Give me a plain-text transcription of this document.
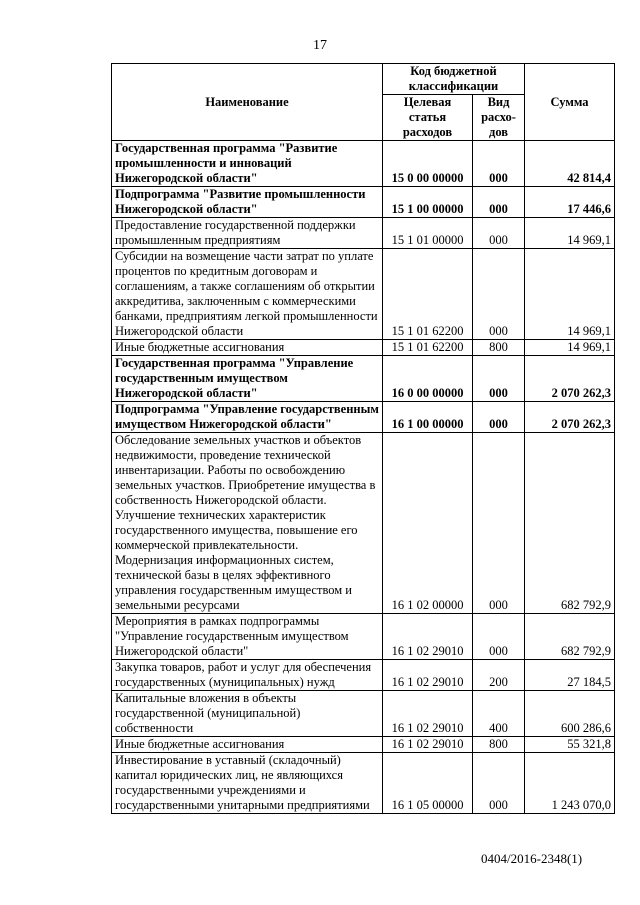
17
Наименование	Код бюджетной классификации		Сумма
	Целевая статья расходов	Вид расхо-дов	
Государственная программа "Развитие промышленности и инноваций Нижегородской области"	15 0 00 00000	000	42 814,4
Подпрограмма "Развитие промышленности Нижегородской области"	15 1 00 00000	000	17 446,6
Предоставление государственной поддержки промышленным предприятиям	15 1 01 00000	000	14 969,1
Субсидии на возмещение части затрат по уплате процентов по кредитным договорам и соглашениям, а также соглашениям об открытии аккредитива, заключенным с коммерческими банками, предприятиям легкой промышленности Нижегородской области	15 1 01 62200	000	14 969,1
Иные бюджетные ассигнования	15 1 01 62200	800	14 969,1
Государственная программа "Управление государственным имуществом Нижегородской области"	16 0 00 00000	000	2 070 262,3
Подпрограмма "Управление государственным имуществом Нижегородской области"	16 1 00 00000	000	2 070 262,3
Обследование земельных участков и объектов недвижимости, проведение технической инвентаризации. Работы по освобождению земельных участков. Приобретение имущества в собственность Нижегородской области. Улучшение технических характеристик государственного имущества, повышение его коммерческой привлекательности. Модернизация информационных систем, технической базы в целях эффективного управления государственным имуществом и земельными ресурсами	16 1 02 00000	000	682 792,9
Мероприятия в рамках подпрограммы "Управление государственным имуществом Нижегородской области"	16 1 02 29010	000	682 792,9
Закупка товаров, работ и услуг для обеспечения государственных (муниципальных) нужд	16 1 02 29010	200	27 184,5
Капитальные вложения в объекты государственной (муниципальной) собственности	16 1 02 29010	400	600 286,6
Иные бюджетные ассигнования	16 1 02 29010	800	55 321,8
Инвестирование в уставный (складочный) капитал юридических лиц, не являющихся государственными учреждениями и государственными унитарными предприятиями	16 1 05 00000	000	1 243 070,0
0404/2016-2348(1)
